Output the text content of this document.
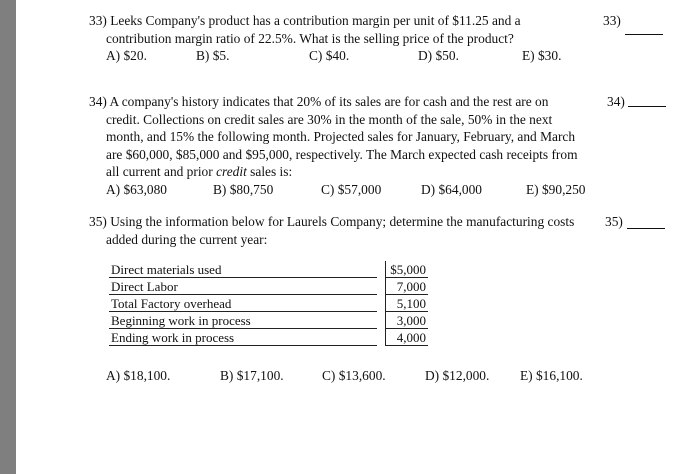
33) Leeks Company's product has a contribution margin per unit of $11.25 and a
contribution margin ratio of 22.5%. What is the selling price of the product?
A) $20.	B) $5.	C) $40.	D) $50.	E) $30.
33)
34) A company's history indicates that 20% of its sales are for cash and the rest are on
credit. Collections on credit sales are 30% in the month of the sale, 50% in the next
month, and 15% the following month. Projected sales for January, February, and March
are $60,000, $85,000 and $95,000, respectively. The March expected cash receipts from
all current and prior credit sales is:
A) $63,080	B) $80,750	C) $57,000	D) $64,000	E) $90,250
34)
35) Using the information below for Laurels Company; determine the manufacturing costs
added during the current year:
35)
Direct materials used		$5,000
Direct Labor		7,000
Total Factory overhead		5,100
Beginning work in process		3,000
Ending work in process		4,000
A) $18,100.	B) $17,100.	C) $13,600.	D) $12,000. E) $16,100.
